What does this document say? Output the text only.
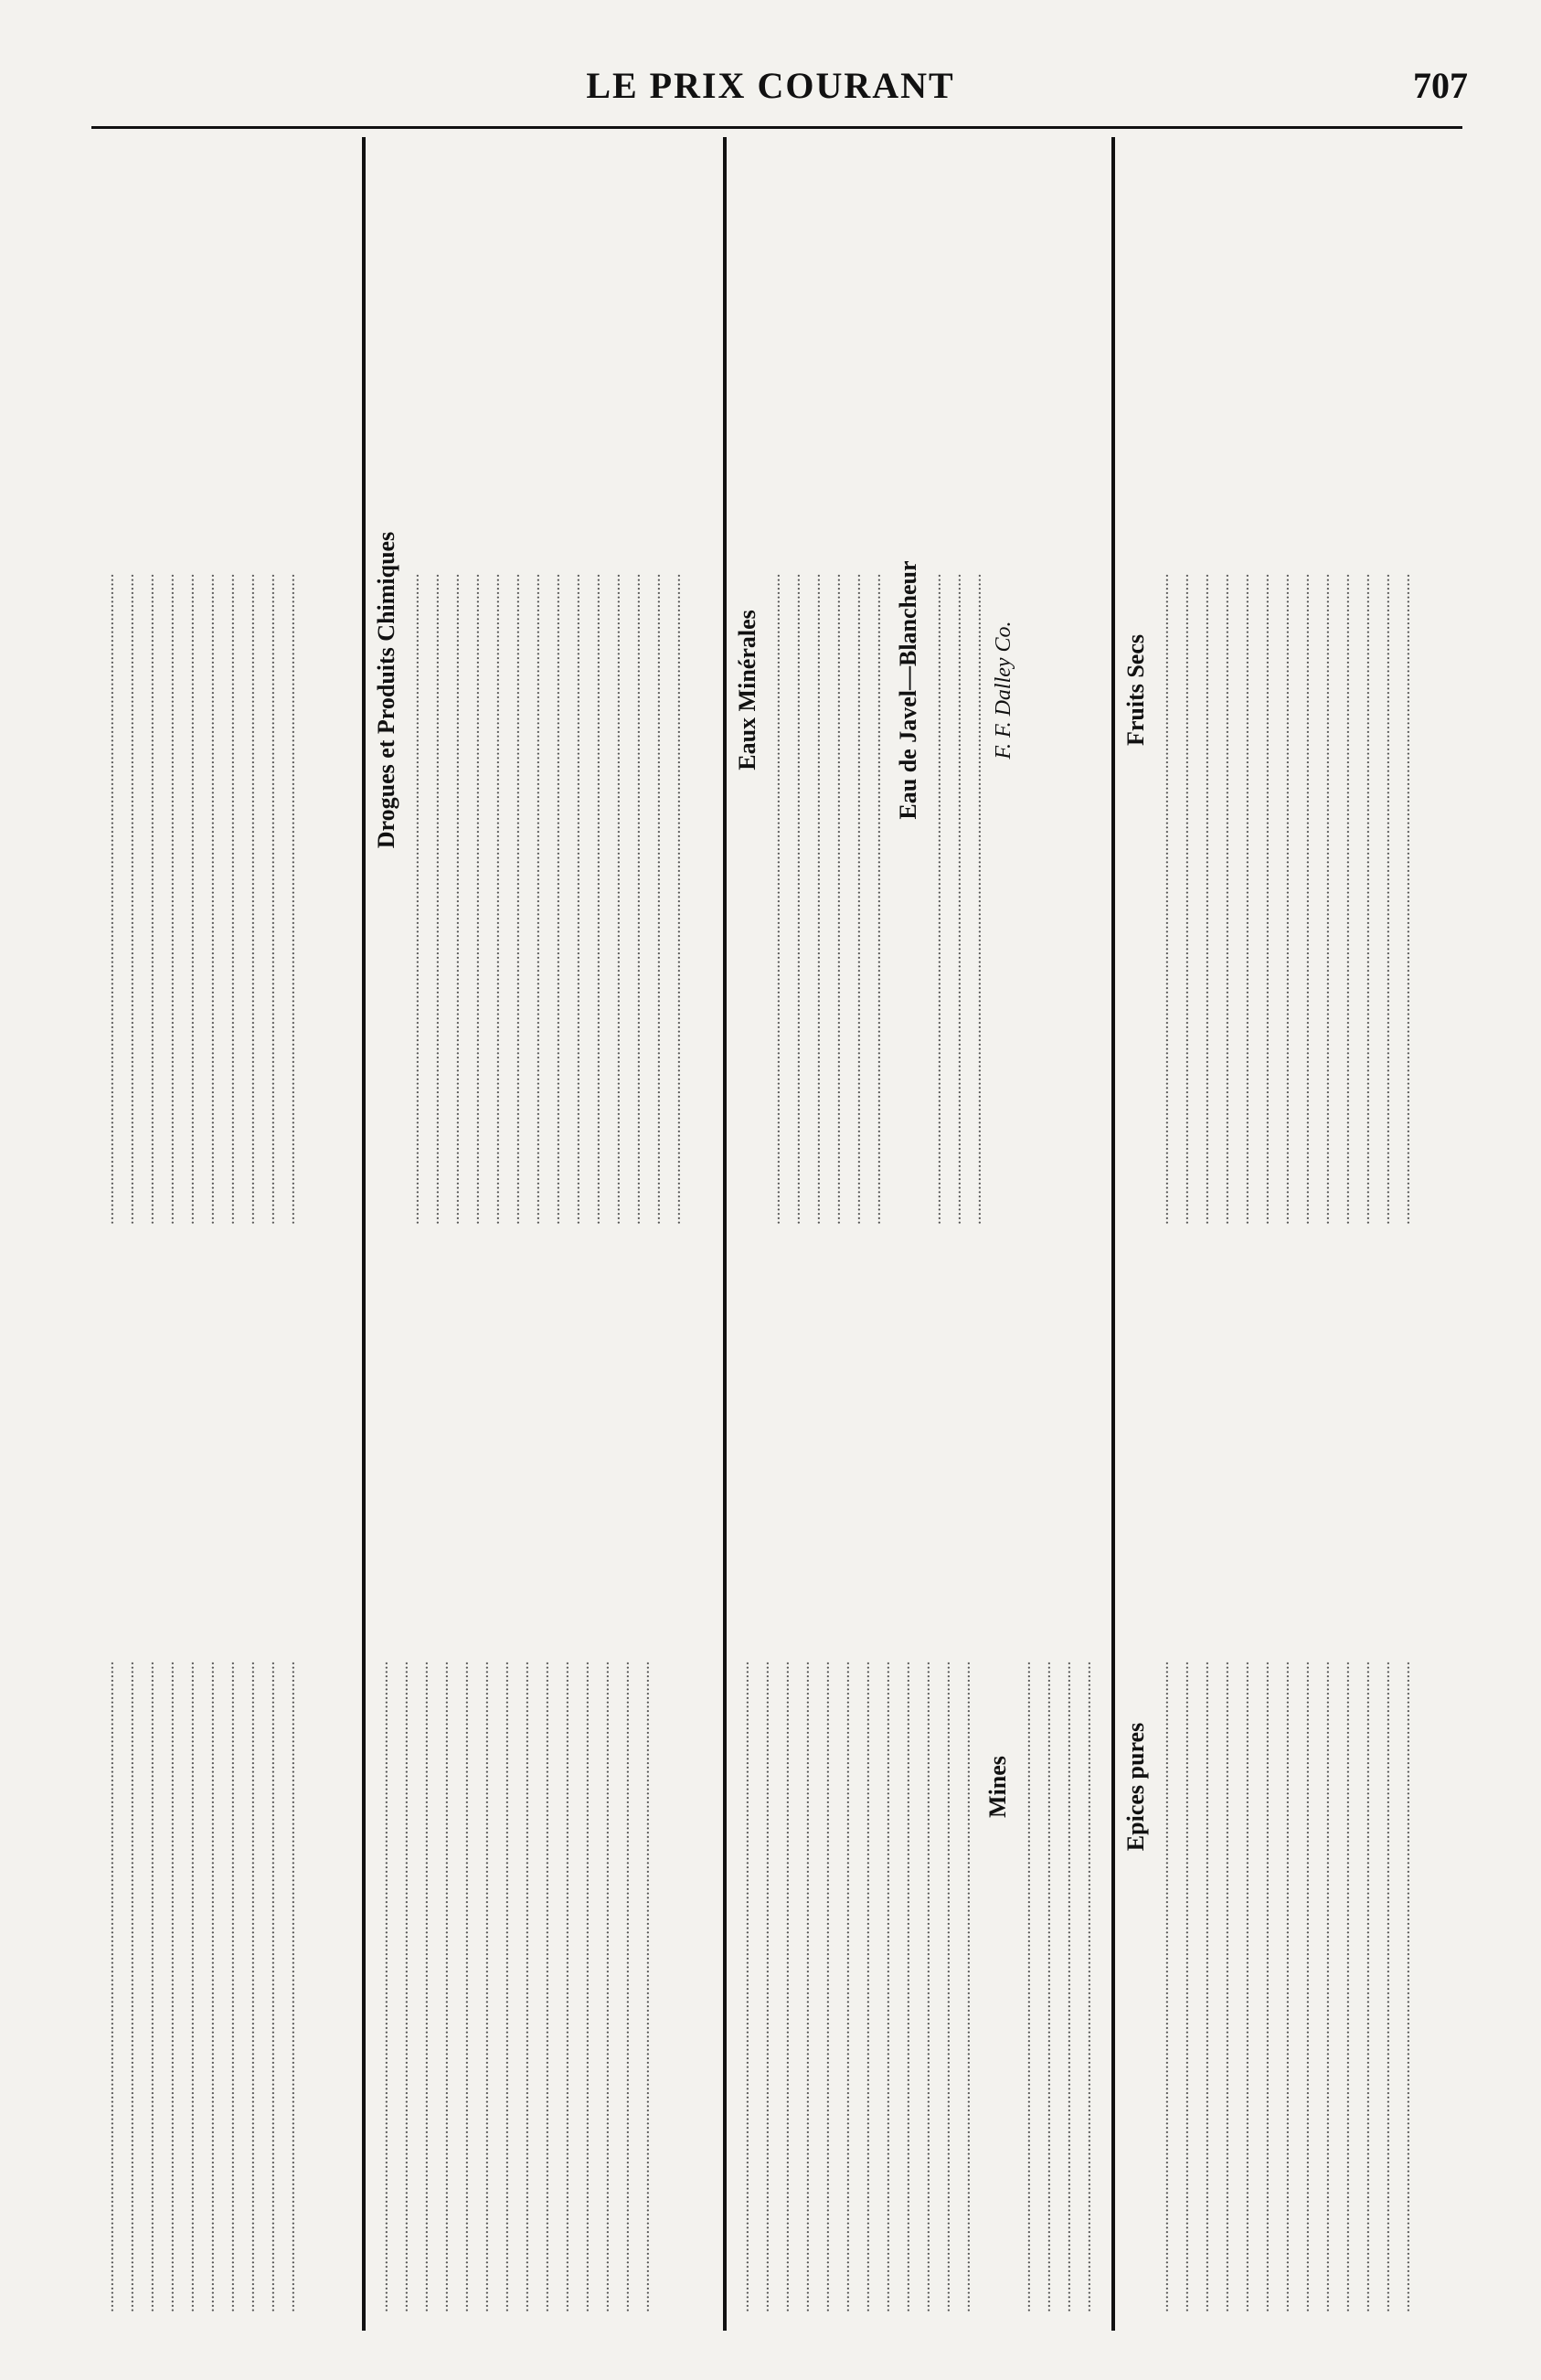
LE PRIX COURANT	707
.....
.....
.....
.....
.....
.....
.....
.....
.....
.....
.....
.....
.....
.....
.....
.....
.....
.....
.....
.....
.....
.....
.....
.....
.....
.....
.....
.....
.....
.....
.....
.....
.....
.....
Drogues et Produits Chimiques
.....
.....
.....
.....
.....
.....
.....
.....
.....
.....
.....
.....
.....
.....
.....
.....
.....
.....
.....
.....
.....
.....
.....
.....
.....
.....
Mines
.....
.....
.....
.....
Eaux Minérales ..... ..... ..... ..... ..... .....	Eau de Javel—Blancheur ..... ..... .....	F. F. Dalley Co.
Epices pures
.....
.....
.....
.....
.....
.....
.....
.....
.....
.....
.....
.....
.....
Fruits Secs
.....
.....
.....
.....
.....
.....
.....
.....
.....
.....
.....
.....
.....
